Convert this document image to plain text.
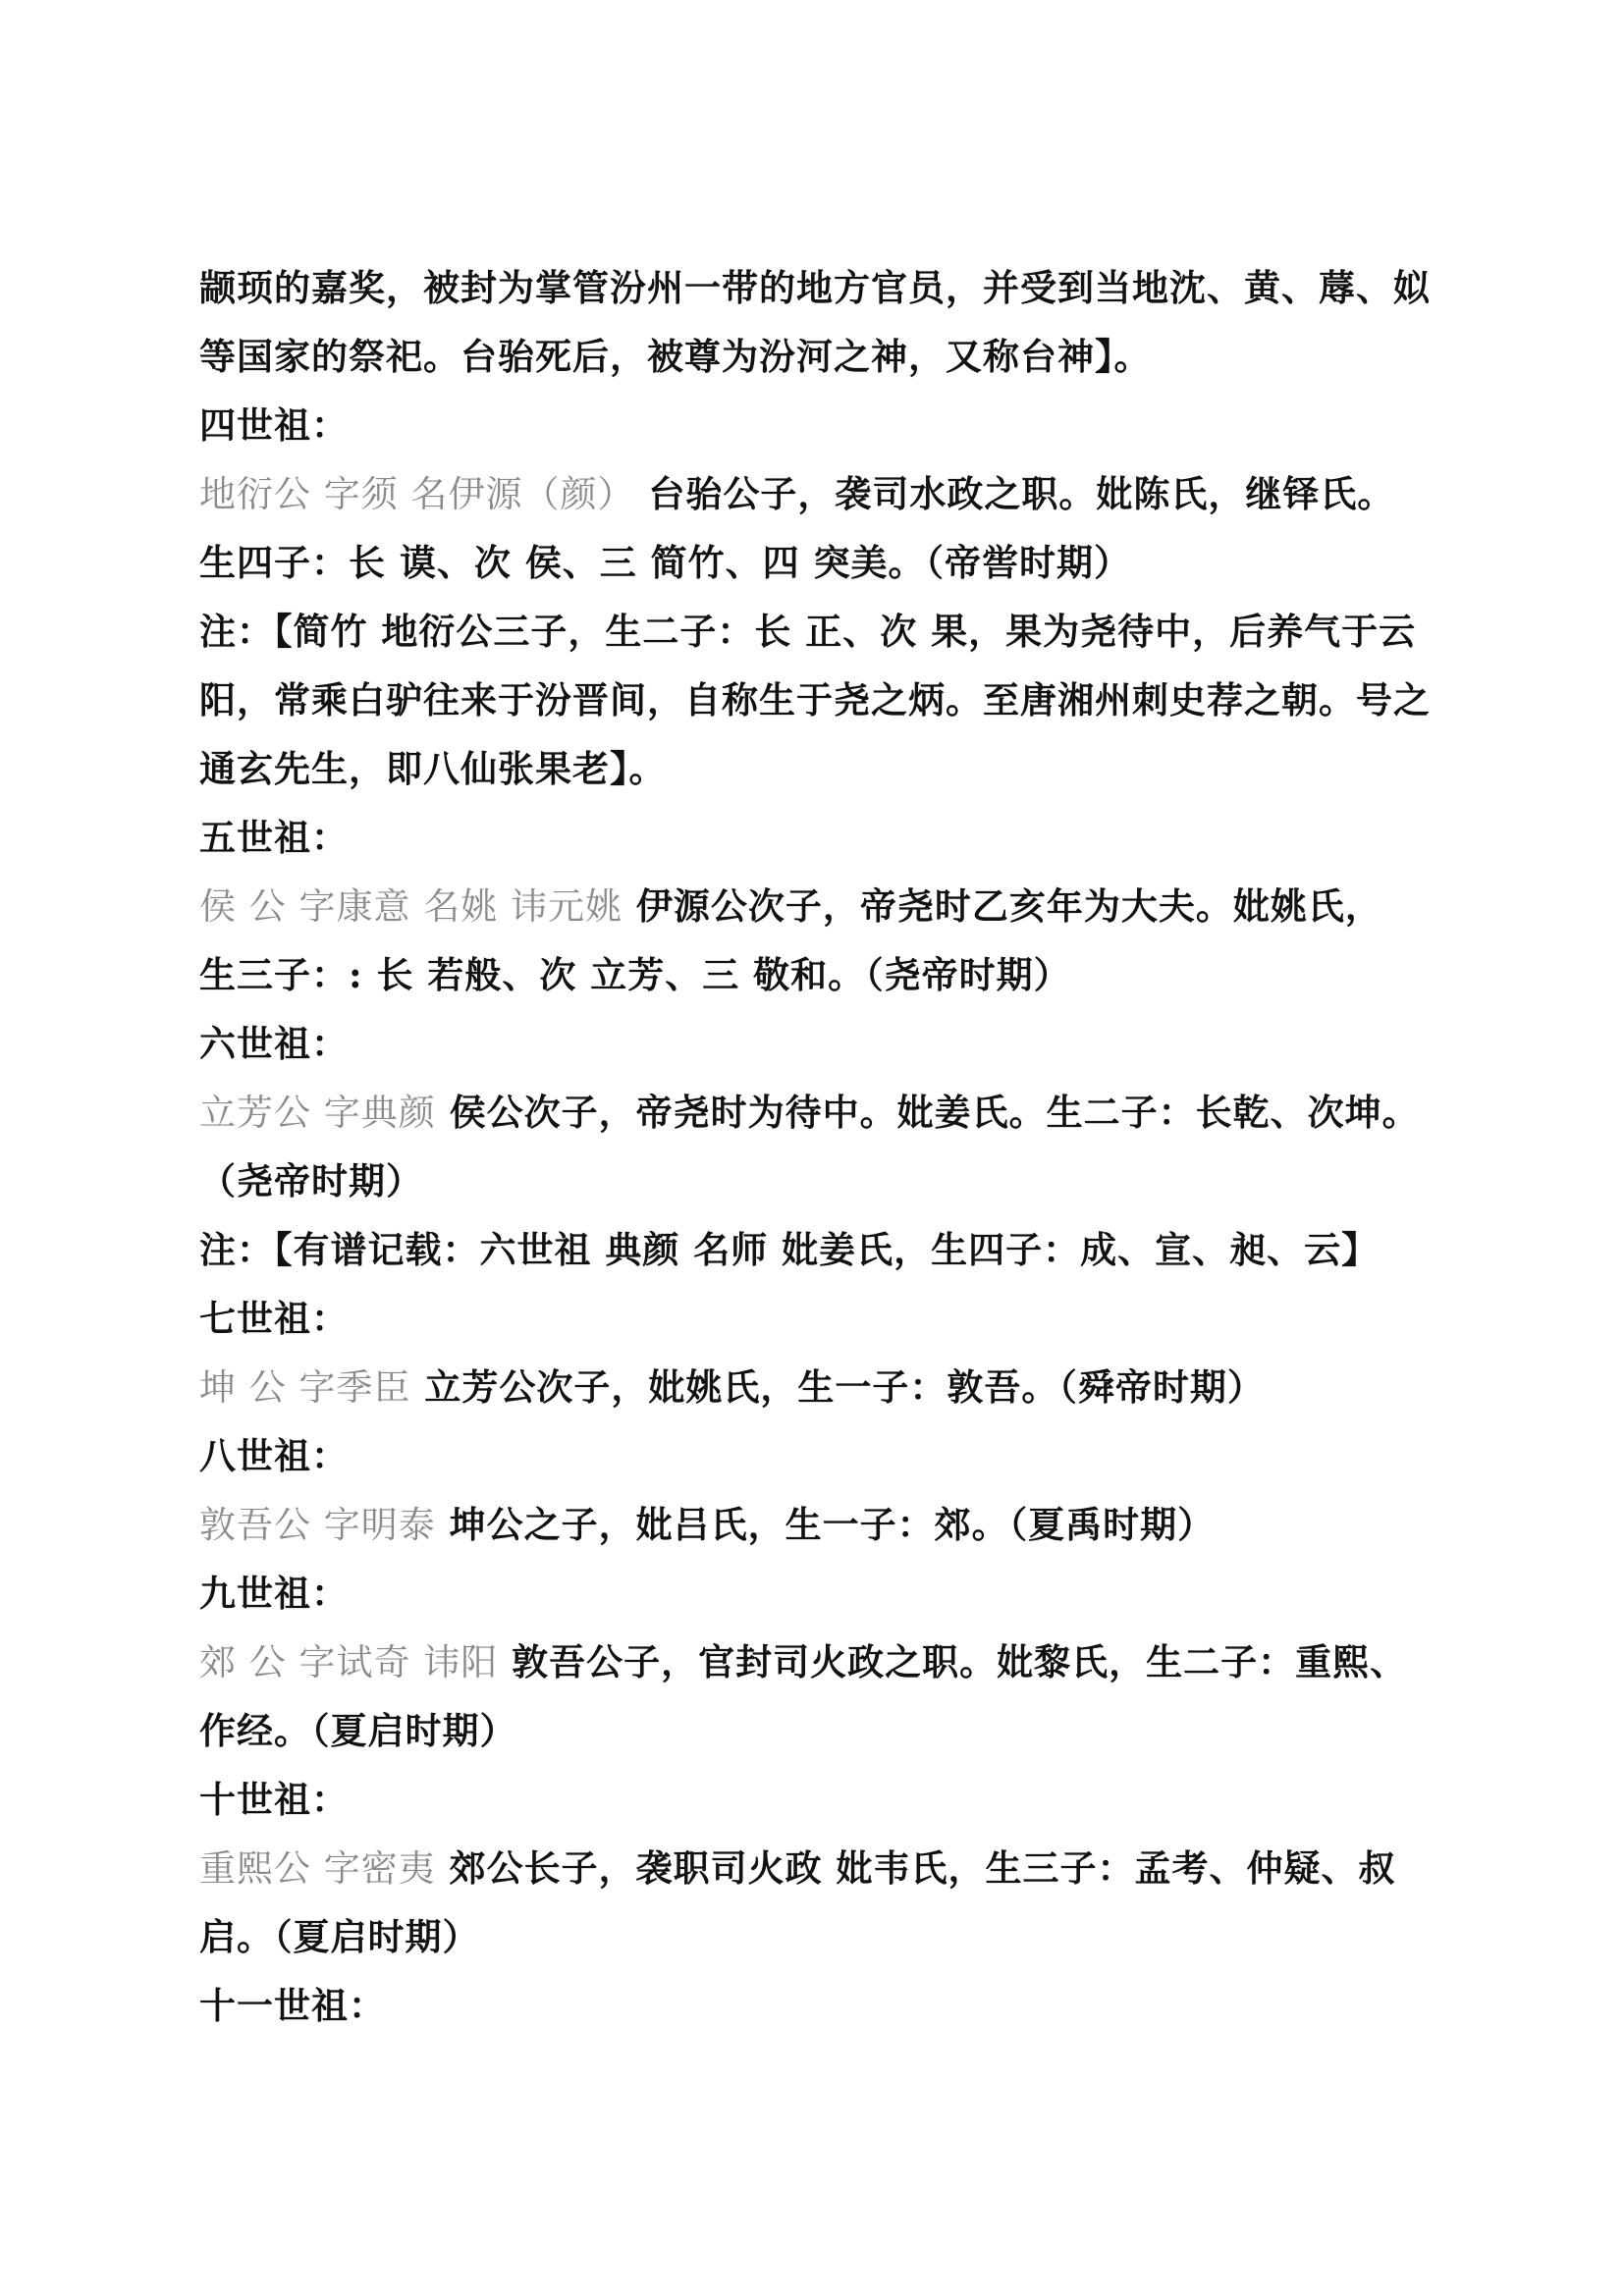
颛顼的嘉奖，被封为掌管汾州一带的地方官员，并受到当地沈、黄、蓐、姒
等国家的祭祀。台骀死后，被尊为汾河之神，又称台神】。
四世祖：
地衍公 字须 名伊源（颜） 台骀公子，袭司水政之职。妣陈氏，继铎氏。
生四子：长 谟、次 侯、三 简竹、四 突美。（帝喾时期）
注：【简竹 地衍公三子，生二子：长 正、次 果，果为尧待中，后养气于云
阳，常乘白驴往来于汾晋间，自称生于尧之炳。至唐湘州刺史荐之朝。号之
通玄先生，即八仙张果老】。
五世祖：
侯 公 字康意 名姚 讳元姚 伊源公次子，帝尧时乙亥年为大夫。妣姚氏，
生三子：: 长 若般、次 立芳、三 敬和。（尧帝时期）
六世祖：
立芳公 字典颜 侯公次子，帝尧时为待中。妣姜氏。生二子：长乾、次坤。
（尧帝时期）
注：【有谱记载：六世祖 典颜 名师 妣姜氏，生四子：成、宣、昶、云】
七世祖：
坤 公 字季臣 立芳公次子，妣姚氏，生一子：敦吾。（舜帝时期）
八世祖：
敦吾公 字明泰 坤公之子，妣吕氏，生一子：郊。（夏禹时期）
九世祖：
郊 公 字试奇 讳阳 敦吾公子，官封司火政之职。妣黎氏，生二子：重熙、
作经。（夏启时期）
十世祖：
重熙公 字密夷 郊公长子，袭职司火政 妣韦氏，生三子：孟考、仲疑、叔
启。（夏启时期）
十一世祖：
